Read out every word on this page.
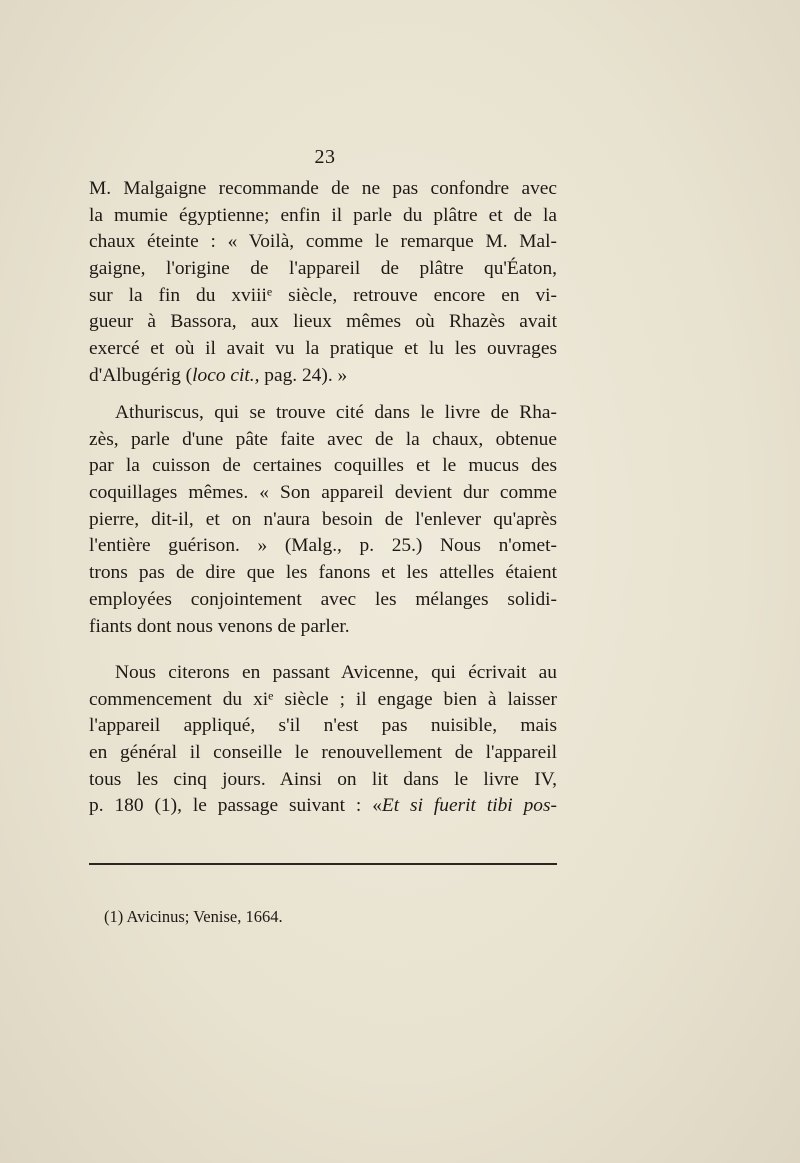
23
M. Malgaigne recommande de ne pas confondre avec
la mumie égyptienne; enfin il parle du plâtre et de la
chaux éteinte : « Voilà, comme le remarque M. Mal-
gaigne, l'origine de l'appareil de plâtre qu'Éaton,
sur la fin du xviii$^e$ siècle, retrouve encore en vi-
gueur à Bassora, aux lieux mêmes où Rhazès avait
exercé et où il avait vu la pratique et lu les ouvrages
d'Albugérig (loco cit., pag. 24). »
Athuriscus, qui se trouve cité dans le livre de Rha-
zès, parle d'une pâte faite avec de la chaux, obtenue
par la cuisson de certaines coquilles et le mucus des
coquillages mêmes. « Son appareil devient dur comme
pierre, dit-il, et on n'aura besoin de l'enlever qu'après
l'entière guérison. » (Malg., p. 25.) Nous n'omet-
trons pas de dire que les fanons et les attelles étaient
employées conjointement avec les mélanges solidi-
fiants dont nous venons de parler.
Nous citerons en passant Avicenne, qui écrivait au
commencement du $xi^e$ siècle ; il engage bien à laisser
l'appareil appliqué, s'il n'est pas nuisible, mais
en général il conseille le renouvellement de l'appareil
tous les cinq jours. Ainsi on lit dans le livre IV,
p. 180 (1), le passage suivant : «Et si fuerit tibi pos-
(1) Avicinus; Venise, 1664.
